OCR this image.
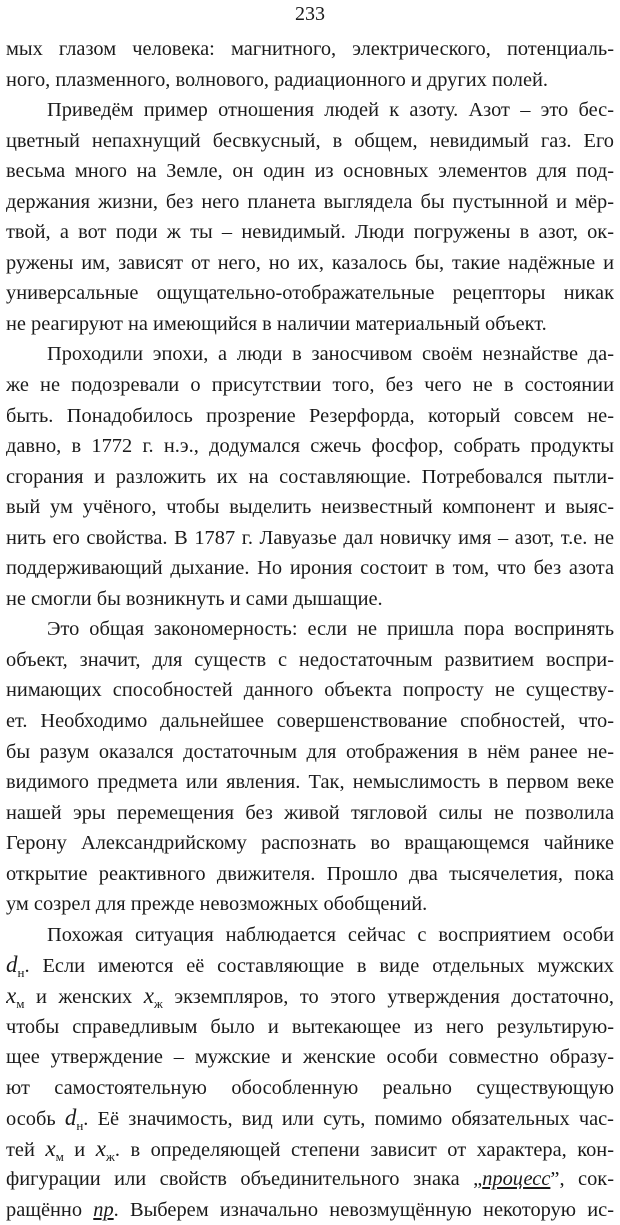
233
мых глазом человека: магнитного, электрического, потенциаль-
ного, плазменного, волнового, радиационного и других полей.
Приведём пример отношения людей к азоту. Азот – это бес-
цветный непахнущий бесвкусный, в общем, невидимый газ. Его
весьма много на Земле, он один из основных элементов для под-
держания жизни, без него планета выглядела бы пустынной и мёр-
твой, а вот поди ж ты – невидимый. Люди погружены в азот, ок-
ружены им, зависят от него, но их, казалось бы, такие надёжные и
универсальные ощущательно-отображательные рецепторы никак
не реагируют на имеющийся в наличии материальный объект.
Проходили эпохи, а люди в заносчивом своём незнайстве да-
же не подозревали о присутствии того, без чего не в состоянии
быть. Понадобилось прозрение Резерфорда, который совсем не-
давно, в 1772 г. н.э., додумался сжечь фосфор, собрать продукты
сгорания и разложить их на составляющие. Потребовался пытли-
вый ум учёного, чтобы выделить неизвестный компонент и выяс-
нить его свойства. В 1787 г. Лавуазье дал новичку имя – азот, т.е. не
поддерживающий дыхание. Но ирония состоит в том, что без азота
не смогли бы возникнуть и сами дышащие.
Это общая закономерность: если не пришла пора воспринять
объект, значит, для существ с недостаточным развитием воспри-
нимающих способностей данного объекта попросту не существу-
ет. Необходимо дальнейшее совершенствование спобностей, что-
бы разум оказался достаточным для отображения в нём ранее не-
видимого предмета или явления. Так, немыслимость в первом веке
нашей эры перемещения без живой тягловой силы не позволила
Герону Александрийскому распознать во вращающемся чайнике
открытие реактивного движителя. Прошло два тысячелетия, пока
ум созрел для прежде невозможных обобщений.
Похожая ситуация наблюдается сейчас с восприятием особи
$d_н$. Если имеются её составляющие в виде отдельных мужских
$x_м$ и женских $x_ж$ экземпляров, то этого утверждения достаточно,
чтобы справедливым было и вытекающее из него результирую-
щее утверждение – мужские и женские особи совместно образу-
ют самостоятельную обособленную реально существующую
особь $d_н$. Её значимость, вид или суть, помимо обязательных час-
тей $x_м$ и $x_ж$. в определяющей степени зависит от характера, кон-
фигурации или свойств объединительного знака „процесс”, сок-
ращённо пр. Выберем изначально невозмущённую некоторую ис-
